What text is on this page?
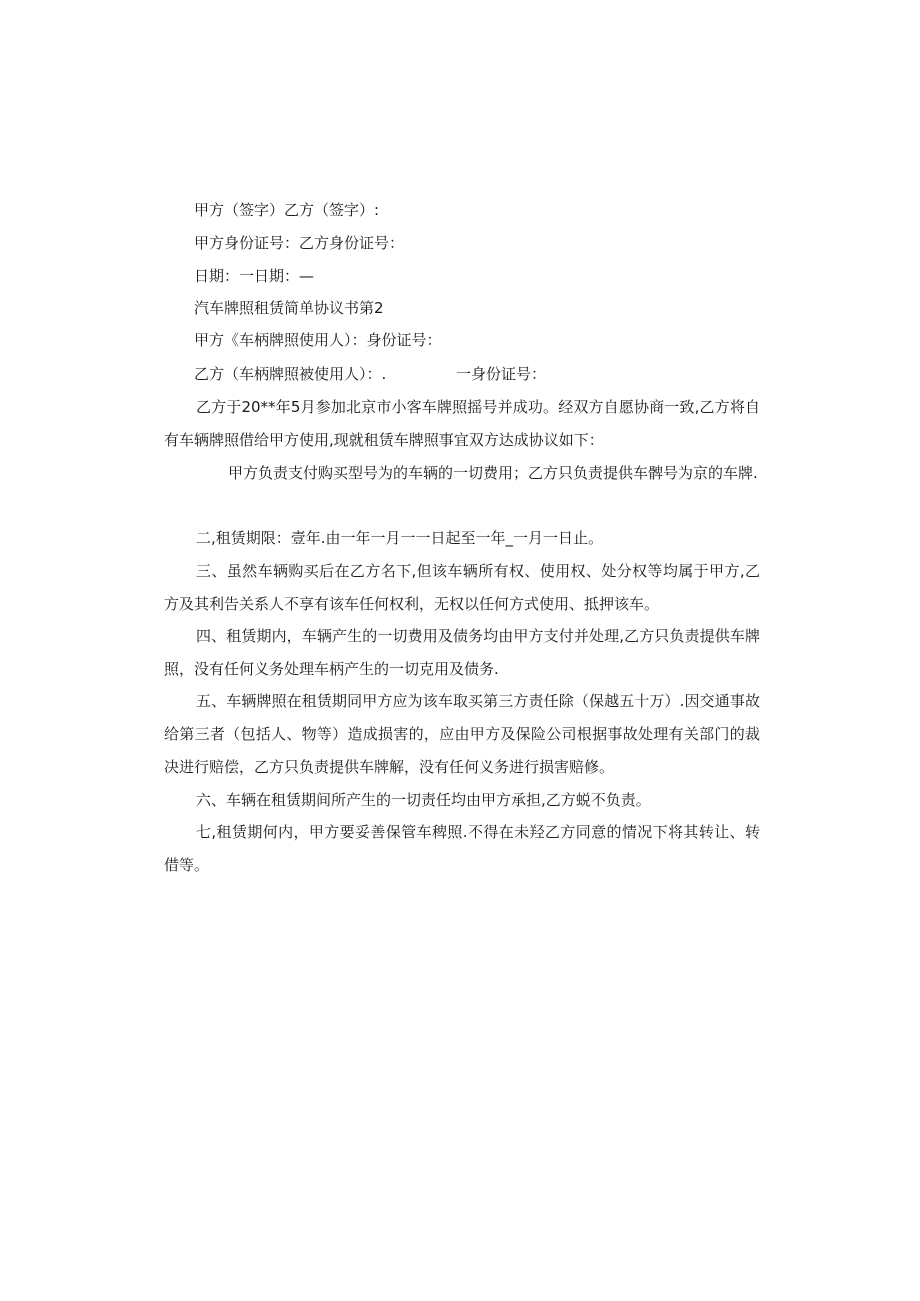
甲方（签字）乙方（签字）:
甲方身份证号：乙方身份证号：
日期：一日期：—
汽车牌照租赁简单协议书第2
甲方《车柄牌照使用人）：身份证号：
乙方（车柄牌照被使用人）：.	一身份证号：
乙方于20**年5月参加北京市小客车牌照摇号并成功。经双方自愿协商一致,乙方将自有车辆牌照借给甲方使用,现就租赁车牌照事宜双方达成协议如下：
甲方负责支付购买型号为的车辆的一切费用；乙方只负责提供车髀号为京的车牌.
二,租赁期限：壹年.由一年一月一一日起至一年_一月一日止。
三、虽然车辆购买后在乙方名下,但该车辆所有权、使用权、处分权等均属于甲方,乙方及其利告关系人不享有该车任何权利，无权以任何方式使用、抵押该车。
四、租赁期内，车辆产生的一切费用及债务均由甲方支付并处理,乙方只负责提供车牌照，没有任何义务处理车柄产生的一切克用及债务.
五、车辆牌照在租赁期同甲方应为该车取买第三方责任除（保越五十万）.因交通事故给第三者（包括人、物等）造成损害的，应由甲方及保险公司根据事故处理有关部门的裁决进行赔偿，乙方只负责提供车牌解，没有任何义务进行损害赔修。
六、车辆在租赁期间所产生的一切责任均由甲方承担,乙方蜕不负责。
七,租赁期何内，甲方要妥善保管车稗照.不得在未羟乙方同意的情况下将其转让、转借等。
